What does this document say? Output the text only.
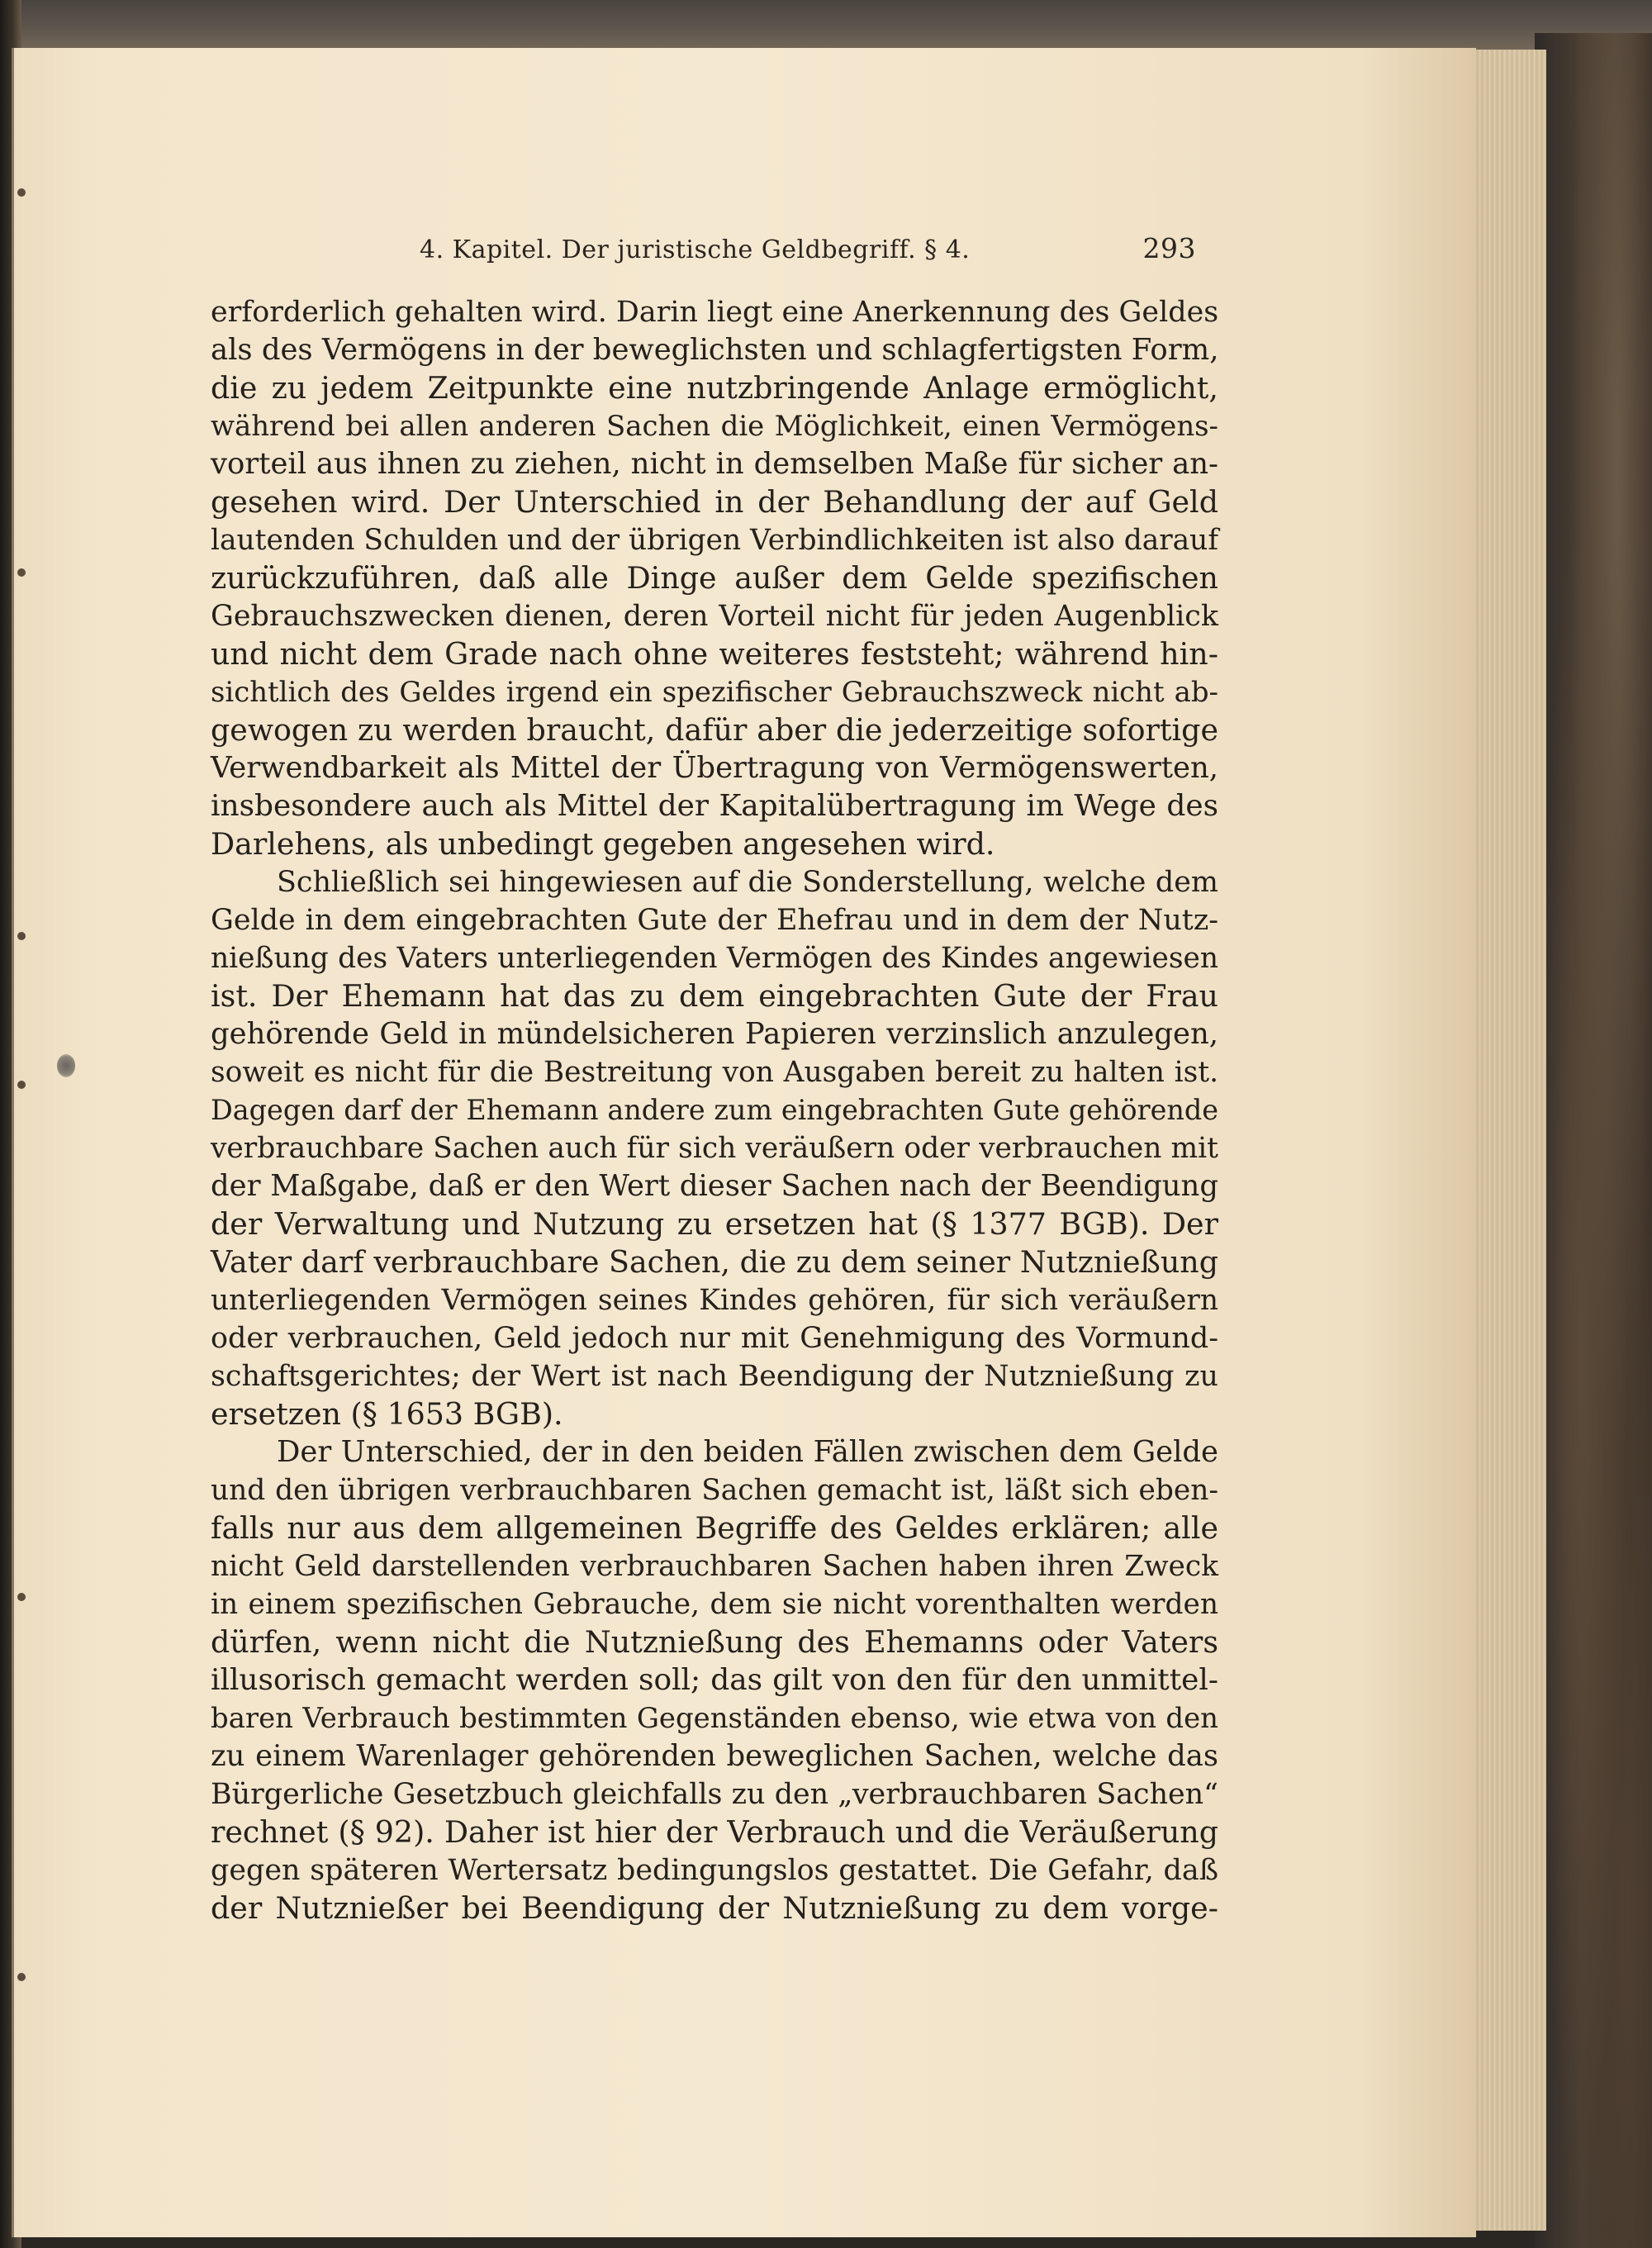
4. Kapitel. Der juristische Geldbegriff. § 4.	293
erforderlich gehalten wird. Darin liegt eine Anerkennung des Geldes
als des Vermögens in der beweglichsten und schlagfertigsten Form,
die zu jedem Zeitpunkte eine nutzbringende Anlage ermöglicht,
während bei allen anderen Sachen die Möglichkeit, einen Vermögens-
vorteil aus ihnen zu ziehen, nicht in demselben Maße für sicher an-
gesehen wird. Der Unterschied in der Behandlung der auf Geld
lautenden Schulden und der übrigen Verbindlichkeiten ist also darauf
zurückzuführen, daß alle Dinge außer dem Gelde spezifischen
Gebrauchszwecken dienen, deren Vorteil nicht für jeden Augenblick
und nicht dem Grade nach ohne weiteres feststeht; während hin-
sichtlich des Geldes irgend ein spezifischer Gebrauchszweck nicht ab-
gewogen zu werden braucht, dafür aber die jederzeitige sofortige
Verwendbarkeit als Mittel der Übertragung von Vermögenswerten,
insbesondere auch als Mittel der Kapitalübertragung im Wege des
Darlehens, als unbedingt gegeben angesehen wird.
Schließlich sei hingewiesen auf die Sonderstellung, welche dem
Gelde in dem eingebrachten Gute der Ehefrau und in dem der Nutz-
nießung des Vaters unterliegenden Vermögen des Kindes angewiesen
ist. Der Ehemann hat das zu dem eingebrachten Gute der Frau
gehörende Geld in mündelsicheren Papieren verzinslich anzulegen,
soweit es nicht für die Bestreitung von Ausgaben bereit zu halten ist.
Dagegen darf der Ehemann andere zum eingebrachten Gute gehörende
verbrauchbare Sachen auch für sich veräußern oder verbrauchen mit
der Maßgabe, daß er den Wert dieser Sachen nach der Beendigung
der Verwaltung und Nutzung zu ersetzen hat (§ 1377 BGB). Der
Vater darf verbrauchbare Sachen, die zu dem seiner Nutznießung
unterliegenden Vermögen seines Kindes gehören, für sich veräußern
oder verbrauchen, Geld jedoch nur mit Genehmigung des Vormund-
schaftsgerichtes; der Wert ist nach Beendigung der Nutznießung zu
ersetzen (§ 1653 BGB).
Der Unterschied, der in den beiden Fällen zwischen dem Gelde
und den übrigen verbrauchbaren Sachen gemacht ist, läßt sich eben-
falls nur aus dem allgemeinen Begriffe des Geldes erklären; alle
nicht Geld darstellenden verbrauchbaren Sachen haben ihren Zweck
in einem spezifischen Gebrauche, dem sie nicht vorenthalten werden
dürfen, wenn nicht die Nutznießung des Ehemanns oder Vaters
illusorisch gemacht werden soll; das gilt von den für den unmittel-
baren Verbrauch bestimmten Gegenständen ebenso, wie etwa von den
zu einem Warenlager gehörenden beweglichen Sachen, welche das
Bürgerliche Gesetzbuch gleichfalls zu den „verbrauchbaren Sachen“
rechnet (§ 92). Daher ist hier der Verbrauch und die Veräußerung
gegen späteren Wertersatz bedingungslos gestattet. Die Gefahr, daß
der Nutznießer bei Beendigung der Nutznießung zu dem vorge-
